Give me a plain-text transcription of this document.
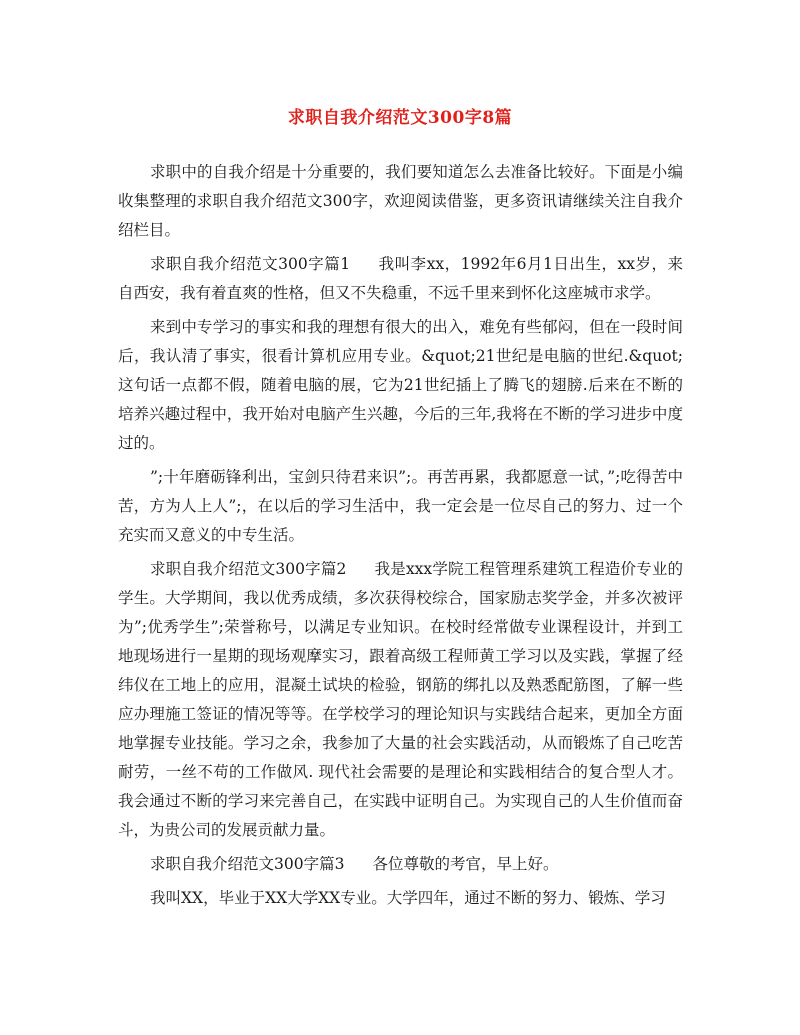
求职自我介绍范文300字8篇

求职中的自我介绍是十分重要的，我们要知道怎么去准备比较好。下面是小编收集整理的求职自我介绍范文300字，欢迎阅读借鉴，更多资讯请继续关注自我介绍栏目。

求职自我介绍范文300字篇1 我叫李xx，1992年6月1日出生，xx岁，来自西安，我有着直爽的性格，但又不失稳重，不远千里来到怀化这座城市求学。

来到中专学习的事实和我的理想有很大的出入，难免有些郁闷，但在一段时间后，我认清了事实，很看计算机应用专业。&quot;21世纪是电脑的世纪.&quot;这句话一点都不假，随着电脑的展，它为21世纪插上了腾飞的翅膀.后来在不断的培养兴趣过程中，我开始对电脑产生兴趣，今后的三年,我将在不断的学习进步中度过的。

”;十年磨砺锋利出，宝剑只待君来识”;。再苦再累，我都愿意一试，”;吃得苦中苦，方为人上人”;，在以后的学习生活中，我一定会是一位尽自己的努力、过一个充实而又意义的中专生活。

求职自我介绍范文300字篇2 我是xxx学院工程管理系建筑工程造价专业的学生。大学期间，我以优秀成绩，多次获得校综合，国家励志奖学金，并多次被评为”;优秀学生”;荣誉称号，以满足专业知识。在校时经常做专业课程设计，并到工地现场进行一星期的现场观摩实习，跟着高级工程师黄工学习以及实践，掌握了经纬仪在工地上的应用，混凝土试块的检验，钢筋的绑扎以及熟悉配筋图，了解一些应办理施工签证的情况等等。在学校学习的理论知识与实践结合起来，更加全方面地掌握专业技能。学习之余，我参加了大量的社会实践活动，从而锻炼了自己吃苦耐劳，一丝不苟的工作做风. 现代社会需要的是理论和实践相结合的复合型人才。我会通过不断的学习来完善自己，在实践中证明自己。为实现自己的人生价值而奋斗，为贵公司的发展贡献力量。

求职自我介绍范文300字篇3 各位尊敬的考官，早上好。

我叫XX，毕业于XX大学XX专业。大学四年，通过不断的努力、锻炼、学习
